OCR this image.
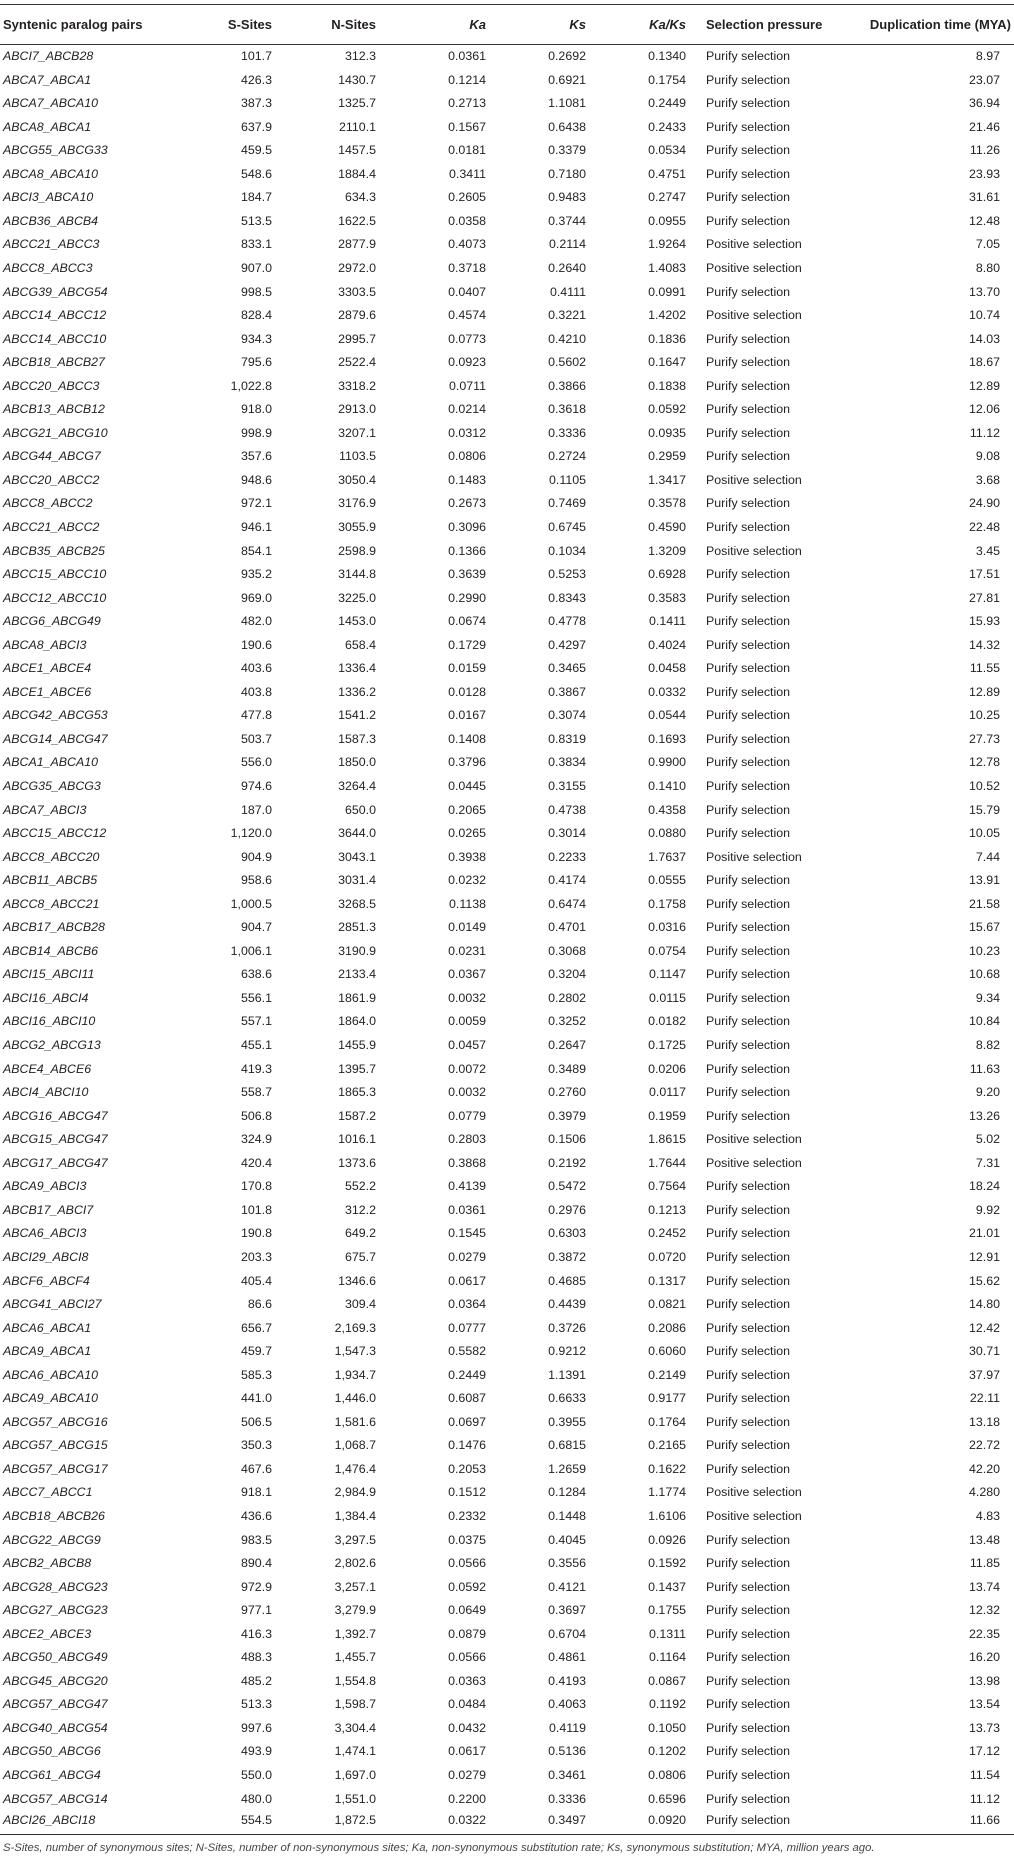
Syntenic paralog pairs	S-Sites	N-Sites	Ka	Ks	Ka/Ks	Selection pressure	Duplication time (MYA)
ABCI7_ABCB28	101.7	312.3	0.0361	0.2692	0.1340	Purify selection	8.97
ABCA7_ABCA1	426.3	1430.7	0.1214	0.6921	0.1754	Purify selection	23.07
ABCA7_ABCA10	387.3	1325.7	0.2713	1.1081	0.2449	Purify selection	36.94
ABCA8_ABCA1	637.9	2110.1	0.1567	0.6438	0.2433	Purify selection	21.46
ABCG55_ABCG33	459.5	1457.5	0.0181	0.3379	0.0534	Purify selection	11.26
ABCA8_ABCA10	548.6	1884.4	0.3411	0.7180	0.4751	Purify selection	23.93
ABCI3_ABCA10	184.7	634.3	0.2605	0.9483	0.2747	Purify selection	31.61
ABCB36_ABCB4	513.5	1622.5	0.0358	0.3744	0.0955	Purify selection	12.48
ABCC21_ABCC3	833.1	2877.9	0.4073	0.2114	1.9264	Positive selection	7.05
ABCC8_ABCC3	907.0	2972.0	0.3718	0.2640	1.4083	Positive selection	8.80
ABCG39_ABCG54	998.5	3303.5	0.0407	0.4111	0.0991	Purify selection	13.70
ABCC14_ABCC12	828.4	2879.6	0.4574	0.3221	1.4202	Positive selection	10.74
ABCC14_ABCC10	934.3	2995.7	0.0773	0.4210	0.1836	Purify selection	14.03
ABCB18_ABCB27	795.6	2522.4	0.0923	0.5602	0.1647	Purify selection	18.67
ABCC20_ABCC3	1,022.8	3318.2	0.0711	0.3866	0.1838	Purify selection	12.89
ABCB13_ABCB12	918.0	2913.0	0.0214	0.3618	0.0592	Purify selection	12.06
ABCG21_ABCG10	998.9	3207.1	0.0312	0.3336	0.0935	Purify selection	11.12
ABCG44_ABCG7	357.6	1103.5	0.0806	0.2724	0.2959	Purify selection	9.08
ABCC20_ABCC2	948.6	3050.4	0.1483	0.1105	1.3417	Positive selection	3.68
ABCC8_ABCC2	972.1	3176.9	0.2673	0.7469	0.3578	Purify selection	24.90
ABCC21_ABCC2	946.1	3055.9	0.3096	0.6745	0.4590	Purify selection	22.48
ABCB35_ABCB25	854.1	2598.9	0.1366	0.1034	1.3209	Positive selection	3.45
ABCC15_ABCC10	935.2	3144.8	0.3639	0.5253	0.6928	Purify selection	17.51
ABCC12_ABCC10	969.0	3225.0	0.2990	0.8343	0.3583	Purify selection	27.81
ABCG6_ABCG49	482.0	1453.0	0.0674	0.4778	0.1411	Purify selection	15.93
ABCA8_ABCI3	190.6	658.4	0.1729	0.4297	0.4024	Purify selection	14.32
ABCE1_ABCE4	403.6	1336.4	0.0159	0.3465	0.0458	Purify selection	11.55
ABCE1_ABCE6	403.8	1336.2	0.0128	0.3867	0.0332	Purify selection	12.89
ABCG42_ABCG53	477.8	1541.2	0.0167	0.3074	0.0544	Purify selection	10.25
ABCG14_ABCG47	503.7	1587.3	0.1408	0.8319	0.1693	Purify selection	27.73
ABCA1_ABCA10	556.0	1850.0	0.3796	0.3834	0.9900	Purify selection	12.78
ABCG35_ABCG3	974.6	3264.4	0.0445	0.3155	0.1410	Purify selection	10.52
ABCA7_ABCI3	187.0	650.0	0.2065	0.4738	0.4358	Purify selection	15.79
ABCC15_ABCC12	1,120.0	3644.0	0.0265	0.3014	0.0880	Purify selection	10.05
ABCC8_ABCC20	904.9	3043.1	0.3938	0.2233	1.7637	Positive selection	7.44
ABCB11_ABCB5	958.6	3031.4	0.0232	0.4174	0.0555	Purify selection	13.91
ABCC8_ABCC21	1,000.5	3268.5	0.1138	0.6474	0.1758	Purify selection	21.58
ABCB17_ABCB28	904.7	2851.3	0.0149	0.4701	0.0316	Purify selection	15.67
ABCB14_ABCB6	1,006.1	3190.9	0.0231	0.3068	0.0754	Purify selection	10.23
ABCI15_ABCI11	638.6	2133.4	0.0367	0.3204	0.1147	Purify selection	10.68
ABCI16_ABCI4	556.1	1861.9	0.0032	0.2802	0.0115	Purify selection	9.34
ABCI16_ABCI10	557.1	1864.0	0.0059	0.3252	0.0182	Purify selection	10.84
ABCG2_ABCG13	455.1	1455.9	0.0457	0.2647	0.1725	Purify selection	8.82
ABCE4_ABCE6	419.3	1395.7	0.0072	0.3489	0.0206	Purify selection	11.63
ABCI4_ABCI10	558.7	1865.3	0.0032	0.2760	0.0117	Purify selection	9.20
ABCG16_ABCG47	506.8	1587.2	0.0779	0.3979	0.1959	Purify selection	13.26
ABCG15_ABCG47	324.9	1016.1	0.2803	0.1506	1.8615	Positive selection	5.02
ABCG17_ABCG47	420.4	1373.6	0.3868	0.2192	1.7644	Positive selection	7.31
ABCA9_ABCI3	170.8	552.2	0.4139	0.5472	0.7564	Purify selection	18.24
ABCB17_ABCI7	101.8	312.2	0.0361	0.2976	0.1213	Purify selection	9.92
ABCA6_ABCI3	190.8	649.2	0.1545	0.6303	0.2452	Purify selection	21.01
ABCI29_ABCI8	203.3	675.7	0.0279	0.3872	0.0720	Purify selection	12.91
ABCF6_ABCF4	405.4	1346.6	0.0617	0.4685	0.1317	Purify selection	15.62
ABCG41_ABCI27	86.6	309.4	0.0364	0.4439	0.0821	Purify selection	14.80
ABCA6_ABCA1	656.7	2,169.3	0.0777	0.3726	0.2086	Purify selection	12.42
ABCA9_ABCA1	459.7	1,547.3	0.5582	0.9212	0.6060	Purify selection	30.71
ABCA6_ABCA10	585.3	1,934.7	0.2449	1.1391	0.2149	Purify selection	37.97
ABCA9_ABCA10	441.0	1,446.0	0.6087	0.6633	0.9177	Purify selection	22.11
ABCG57_ABCG16	506.5	1,581.6	0.0697	0.3955	0.1764	Purify selection	13.18
ABCG57_ABCG15	350.3	1,068.7	0.1476	0.6815	0.2165	Purify selection	22.72
ABCG57_ABCG17	467.6	1,476.4	0.2053	1.2659	0.1622	Purify selection	42.20
ABCC7_ABCC1	918.1	2,984.9	0.1512	0.1284	1.1774	Positive selection	4.280
ABCB18_ABCB26	436.6	1,384.4	0.2332	0.1448	1.6106	Positive selection	4.83
ABCG22_ABCG9	983.5	3,297.5	0.0375	0.4045	0.0926	Purify selection	13.48
ABCB2_ABCB8	890.4	2,802.6	0.0566	0.3556	0.1592	Purify selection	11.85
ABCG28_ABCG23	972.9	3,257.1	0.0592	0.4121	0.1437	Purify selection	13.74
ABCG27_ABCG23	977.1	3,279.9	0.0649	0.3697	0.1755	Purify selection	12.32
ABCE2_ABCE3	416.3	1,392.7	0.0879	0.6704	0.1311	Purify selection	22.35
ABCG50_ABCG49	488.3	1,455.7	0.0566	0.4861	0.1164	Purify selection	16.20
ABCG45_ABCG20	485.2	1,554.8	0.0363	0.4193	0.0867	Purify selection	13.98
ABCG57_ABCG47	513.3	1,598.7	0.0484	0.4063	0.1192	Purify selection	13.54
ABCG40_ABCG54	997.6	3,304.4	0.0432	0.4119	0.1050	Purify selection	13.73
ABCG50_ABCG6	493.9	1,474.1	0.0617	0.5136	0.1202	Purify selection	17.12
ABCG61_ABCG4	550.0	1,697.0	0.0279	0.3461	0.0806	Purify selection	11.54
ABCG57_ABCG14	480.0	1,551.0	0.2200	0.3336	0.6596	Purify selection	11.12
ABCI26_ABCI18	554.5	1,872.5	0.0322	0.3497	0.0920	Purify selection	11.66
S-Sites, number of synonymous sites; N-Sites, number of non-synonymous sites; Ka, non-synonymous substitution rate; Ks, synonymous substitution; MYA, million years ago.
